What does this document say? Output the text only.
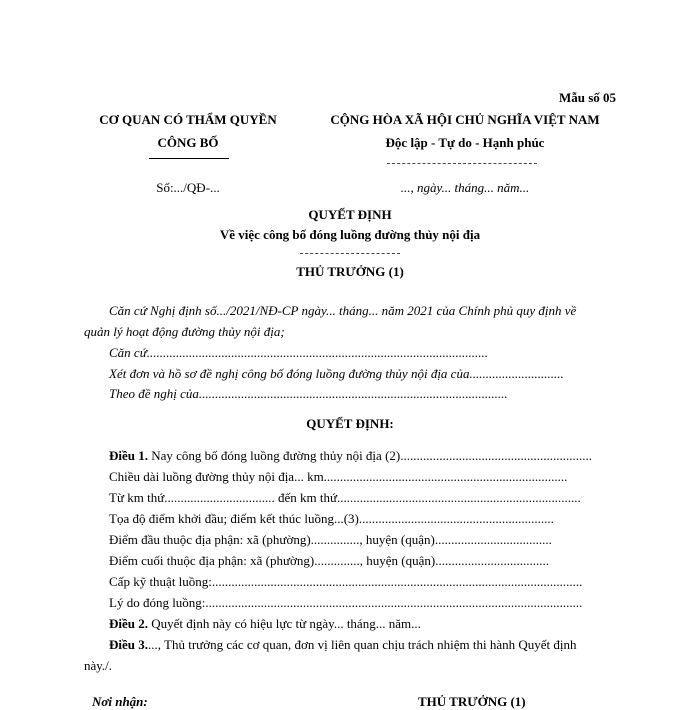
Mẫu số 05
CƠ QUAN CÓ THẨM QUYỀN
CÔNG BỐ
Số:.../QĐ-...
CỘNG HÒA XÃ HỘI CHỦ NGHĨA VIỆT NAM
Độc lập - Tự do - Hạnh phúc
..., ngày... tháng... năm...
QUYẾT ĐỊNH
Về việc công bố đóng luồng đường thủy nội địa
THỦ TRƯỞNG (1)
Căn cứ Nghị định số.../2021/NĐ-CP ngày... tháng... năm 2021 của Chính phủ quy định về
quản lý hoạt động đường thủy nội địa;
Căn cứ.........................................................................................................
Xét đơn và hồ sơ đề nghị công bố đóng luồng đường thủy nội địa của.............................
Theo đề nghị của...............................................................................................
QUYẾT ĐỊNH:
Điều 1. Nay công bố đóng luồng đường thủy nội địa (2)...........................................................
Chiều dài luồng đường thủy nội địa... km...........................................................................
Từ km thứ.................................. đến km thứ...........................................................................
Tọa độ điểm khởi đầu; điểm kết thúc luồng...(3)............................................................
Điểm đầu thuộc địa phận: xã (phường)..............., huyện (quận)....................................
Điểm cuối thuộc địa phận: xã (phường).............., huyện (quận)...................................
Cấp kỹ thuật luồng:..................................................................................................................
Lý do đóng luồng:....................................................................................................................
Điều 2. Quyết định này có hiệu lực từ ngày... tháng... năm...
Điều 3...., Thủ trưởng các cơ quan, đơn vị liên quan chịu trách nhiệm thi hành Quyết định
này./.
Nơi nhận:	THỦ TRƯỞNG (1)
